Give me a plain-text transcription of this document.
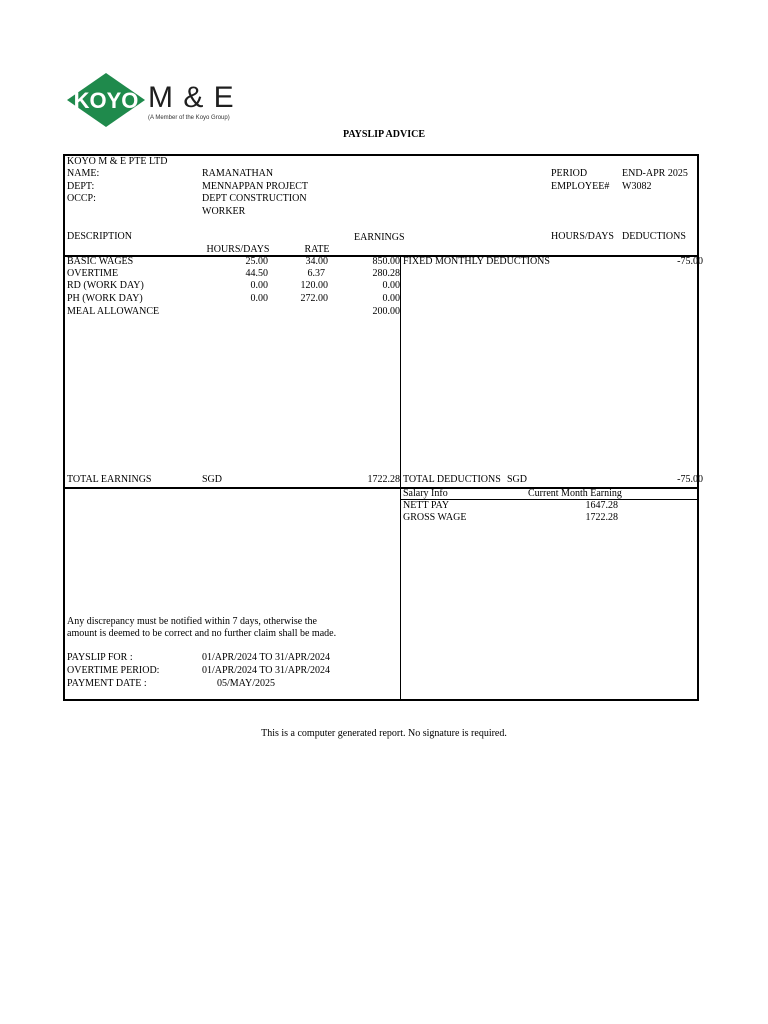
KOYO M & E
(A Member of the Koyo Group)
PAYSLIP ADVICE
KOYO M & E PTE LTD
NAME:	RAMANATHAN
DEPT:	MENNAPPAN PROJECT
OCCP:	DEPT CONSTRUCTION
WORKER
PERIOD	END-APR 2025
EMPLOYEE# W3082
DESCRIPTION
HOURS/DAYS	RATE
EARNINGS	HOURS/DAYS DEDUCTIONS
BASIC WAGES	25.00	34.00	850.00
OVERTIME	44.50	6.37	280.28
RD (WORK DAY)	0.00	120.00	0.00
PH (WORK DAY)	0.00	272.00	0.00
MEAL ALLOWANCE	200.00
FIXED MONTHLY DEDUCTIONS	-75.00
TOTAL EARNINGS	SGD	1722.28 TOTAL DEDUCTIONS SGD	-75.00
Salary Info	Current Month Earning
NETT PAY	1647.28
GROSS WAGE	1722.28
Any discrepancy must be notified within 7 days, otherwise the
amount is deemed to be correct and no further claim shall be made.
PAYSLIP FOR :	01/APR/2024 TO 31/APR/2024
OVERTIME PERIOD:	01/APR/2024 TO 31/APR/2024
PAYMENT DATE :	05/MAY/2025
This is a computer generated report. No signature is required.
